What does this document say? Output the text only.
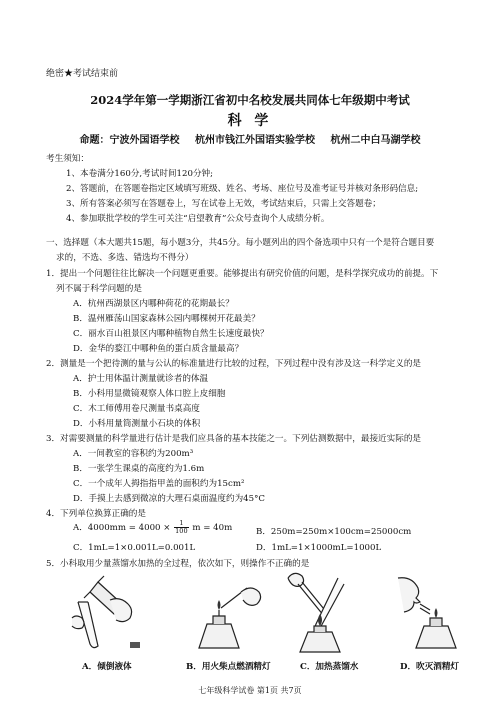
绝密★考试结束前
2024学年第一学期浙江省初中名校发展共同体七年级期中考试
科 学
命题：宁波外国语学校 杭州市钱江外国语实验学校 杭州二中白马湖学校
考生须知：
1、本卷满分160分,考试时间120分钟;
2、答题前，在答题卷指定区域填写班级、姓名、考场、座位号及准考证号并核对条形码信息;
3、所有答案必须写在答题卷上，写在试卷上无效，考试结束后，只需上交答题卷；
4、参加联批学校的学生可关注“启望教育”公众号查询个人成绩分析。
一、选择题（本大题共15题，每小题3分，共45分。每小题列出的四个备选项中只有一个是符合题目要
求的，不选、多选、错选均不得分）
1．提出一个问题往往比解决一个问题更重要。能够提出有研究价值的问题，是科学探究成功的前提。下
列不属于科学问题的是
A．杭州西湖景区内哪种荷花的花期最长？
B．温州雁荡山国家森林公园内哪棵树开花最美？
C．丽水百山祖景区内哪种植物自然生长速度最快？
D．金华的婺江中哪种鱼的蛋白质含量最高？
2．测量是一个把待测的量与公认的标准量进行比较的过程，下列过程中没有涉及这一科学定义的是
A．护士用体温计测量就诊者的体温
B．小科用显微镜观察人体口腔上皮细胞
C．木工师傅用卷尺测量书桌高度
D．小科用量筒测量小石块的体积
3．对需要测量的科学量进行估计是我们应具备的基本技能之一。下列估测数据中，最接近实际的是
A．一间教室的容积约为200m³
B．一张学生课桌的高度约为1.6m
C．一个成年人拇指指甲盖的面积约为15cm²
D．手摸上去感到微凉的大理石桌面温度约为45°C
4．下列单位换算正确的是
A．$4000mm = 4000 \times \frac{1}{100}$ m = 40m	B．250m=250m×100cm=25000cm
C．1mL=1×0.001L=0.001L	D．1mL=1×1000mL=1000L
5．小科取用少量蒸馏水加热的全过程，依次如下，则操作不正确的是
A．倾倒液体	B．用火柴点燃酒精灯	C．加热蒸馏水	D．吹灭酒精灯
七年级科学试卷 第1页 共7页
